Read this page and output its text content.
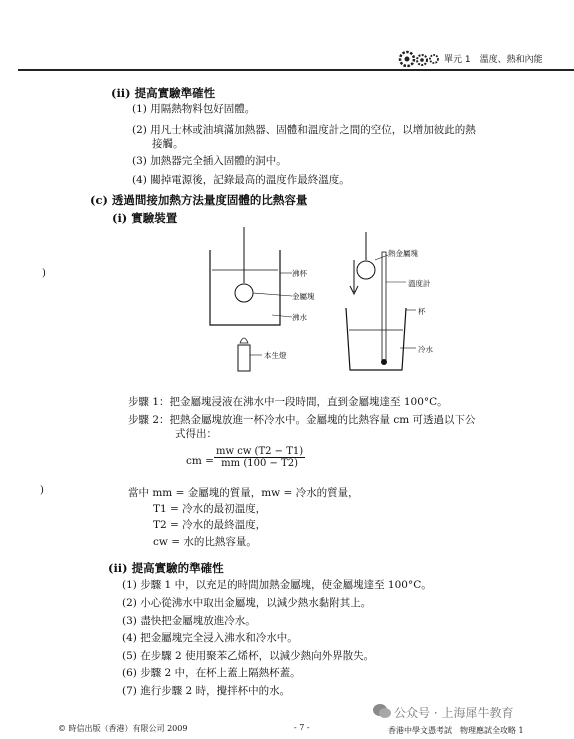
單元 1　溫度、熱和內能
(ii) 提高實驗準確性
(1) 用隔熱物料包好固體。
(2) 用凡士林或油填滿加熱器、固體和溫度計之間的空位，以增加彼此的熱
接觸。
(3) 加熱器完全插入固體的洞中。
(4) 關掉電源後，記錄最高的溫度作最終溫度。
(c) 透過間接加熱方法量度固體的比熱容量
(i) 實驗裝置
沸杯
金屬塊
沸水
本生燈
熱金屬塊
溫度計
杯
冷水
步驟 1：把金屬塊浸液在沸水中一段時間，直到金屬塊達至 100°C。
步驟 2：把熱金屬塊放進一杯冷水中。金屬塊的比熱容量 cm 可透過以下公
式得出：
cm = $\frac{\text{mw cw (T2 − T1)}}{mm (100 - T2)}$
當中 mm = 金屬塊的質量，mw = 冷水的質量，
T1 = 冷水的最初溫度，
T2 = 冷水的最終溫度，
cw = 水的比熱容量。
(ii) 提高實驗的準確性
(1) 步驟 1 中，以充足的時間加熱金屬塊，使金屬塊達至 100°C。
(2) 小心從沸水中取出金屬塊，以減少熱水黏附其上。
(3) 盡快把金屬塊放進冷水。
(4) 把金屬塊完全浸入沸水和冷水中。
(5) 在步驟 2 使用聚苯乙烯杯，以減少熱向外界散失。
(6) 步驟 2 中，在杯上蓋上隔熱杯蓋。
(7) 進行步驟 2 時，攪拌杯中的水。
)
)
© 時信出版（香港）有限公司 2009	- 7 -	香港中學文憑考試　物理應試全攻略 1
公众号 · 上海犀牛教育
